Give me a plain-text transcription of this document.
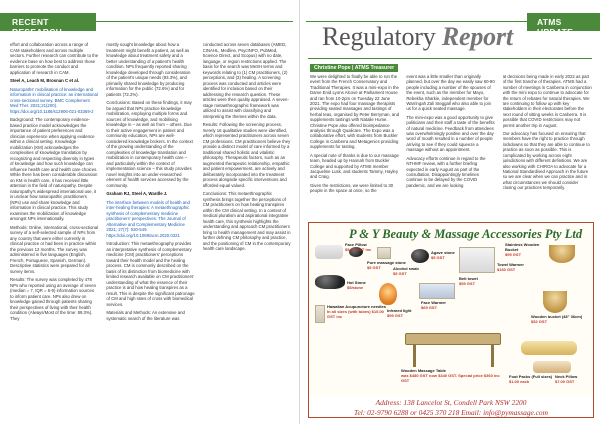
RECENT RESEARCH

effort and collaboration across a range of CAM stakeholders and across multiple sectors. Further research can contribute to the evidence base on how best to address those barriers to promote the conduct and application of research in CAM.

Steel A, Leach M, Brosnan C et al.

Naturopaths' mobilisation of knowledge and information in clinical practice: an international cross-sectional survey. BMC Complement Med Ther. 2021;21(200). https://doi.org/10.1186/s12906-021-03369-2

Background: The contemporary evidence-based practice model acknowledges the importance of patient preferences and clinician experience when applying evidence within a clinical setting. Knowledge mobilization (KM) acknowledges the complexities of knowledge translation by recognizing and respecting diversity in types of knowledge and how such knowledge can influence health care and health care choices. While there has been considerable discussion on KM in health care, it has received little attention in the field of naturopathy. Despite naturopathy's widespread international use, it is unclear how naturopathic practitioners (NPs) use and share knowledge and information in clinical practice. This study examines the mobilization of knowledge amongst NPs internationally.

Methods: Online, international, cross-sectional survey of a self-selected sample of NPs from any country that were either currently in clinical practice or had been in practice within the previous 12 months. The survey was administered in five languages (English, French, Portuguese, Spanish, German). Descriptive statistics were prepared for all survey items.

Results: The survey was completed by 478 NPs who reported using an average of seven (median = 7, IQR = 5-9) information sources to inform patient care. NPs also drew on knowledge gained through patients sharing their perspectives of living with their health condition (Always/Most of the time: 89.3%). They

mostly sought knowledge about how a treatment might benefit a patient, as well as knowledge about treatment safety and a better understanding of a patient's health condition. NPs frequently reported sharing knowledge developed through consideration of the patient's unique needs (93.3%), and primarily shared knowledge by producing information for the public (72.6%) and for patients (72.2%).

Conclusions: Based on these findings, it may be argued that NPs practice knowledge mobilization, employing multiple forms and sources of knowledge, and mobilising knowledge in – as well as from – others. Due to their active engagement in patient and community education, NPs are well-considered knowledge brokers. In the context of the growing understanding of the complexities of knowledge translation and mobilization in contemporary health care – and particularly within the context of implementation science – this study provides novel insights into an under-researched element of health services accessed by the community.

Graham RJ, Steel A, Wardle J.

The interface between models of health and inter-healing therapies: A metaethnographic synthesis of complementary medicine practitioners' perspectives. The Journal of Alternative and Complementary Medicine 2021; 27(7): 530-549. https://doi.org/10.1089/acm.2020.0321

Introduction: This metaethnography provides an interpretative synthesis of complementary medicine (CM) practitioners' perceptions toward their health model and the healing process. CM is commonly described on the basis of its distinction from biomedicine with limited research available on CM practitioners' understanding of what the essence of their practice is and how healing transpires as a result. This is despite the significant patronage of CM and high rates of cross with biomedical services.

Materials and Methods: An extensive and systematic search of the literature was

conducted across seven databases (AMED, CINAHL, Medline, PsycINFO, PubMed, Science Direct, and Scopus) with no date, language, or region restrictions applied. The basis for the search was MeSH terms and keywords relating to (1) CM practitioners, (2) perceptions, and (3) healing. A screening process was conducted and articles were identified for inclusion based on their addressing the research question. These articles were then quality appraised. A seven-stage metaethnographic framework was utilized to assist with classifying and interpreting the themes within the data.

Results: Following the screening process, merely 16 qualitative studies were identified, which represented practitioners across seven CM professions. CM practitioners believe they provide a distinct model of care informed by a traditional shared holistic and vitalistic philosophy. Therapeutic factors, such as an augmented therapeutic relationship, empathic and patient empowerment, are actively and deliberately incorporated into the treatment process alongside specific interventions and afforded equal valued.

Conclusions: This metaethnographic synthesis brings together the perceptions of CM practitioners on how healing transpires within the CM clinical setting. In a context of medical pluralism and aspirational integrative health care, this synthesis highlights the understanding and approach CM practitioners bring to health management and may assist in further defining CM philosophy and practice, and the positioning of CM in the contemporary health care landscape.

ATMS UPDATE
Regulatory Report
Christine Pope | ATMS Treasurer

We were delighted to finally be able to run the event from the French Conservatory and Traditional Therapies. It was a mini-expo in the Dame Enid Lyons Alcove at Parliament House and ran from 10-2pm on Tuesday 22 June 2021. The expo had four massage therapists providing seated massages and tastings of herbal teas, organised by Peter Berryman, and supplements tastings with Natalie Hume. Christine Pope also offered bioimpedance analysis through Qualicare. The Expo was a collaborative effort, with students from Buckler College in Canberra and Metagenics providing supplements for tasting.

A special note of thanks is due to our massage team, headed up by Hannah from Buckler College and supported by ATMS member Jacqueline Lusk, and students Tammy, Hayley and Craig.

Given the restrictions, we were limited to 30 people in the space at once, so the

event was a little smaller than originally planned, but over the day we easily saw 60-90 people including a number of the spouses of the event, such as the member for Mayo, Rebekha Sharkie, independent member for Warringah Zali Steggall who also able to join us for a quick seated massage.

The mini-expo was a good opportunity to give politicians and their staff a taste of the benefits of natural medicine. Feedback from attendees was overwhelmingly positive and over the day word of mouth resulted in a number of people arriving to see if they could squeeze a massage without an appointment.

Advocacy efforts continue in regard to the NTHMF review, with a further briefing expected in early August as part of the consultation. Disappointingly timelines continue to be delayed by the COVID pandemic, and we are looking

at decisions being made in early 2022 as part of the first tranche of therapies. ATMS had a number of meetings in Canberra in conjunction with the mini expo to continue to advocate for the return of rebates for natural therapies. We are continuing to follow up with key stakeholders in their electorates before the next round of sitting weeks in Canberra. It is possible that COVID restrictions may not permit another trip in August.

Our advocacy has focused on ensuring that members have the right to practice through lockdowns so that they are able to continue to practice as soon as possible. This is complicated by working across eight jurisdictions with different definitions. We are also working with CHIROA to advocate for a National Standardised Approach in the future so we are clear when we can practice and in what circumstances we should consider closing our practices temporarily.

P & Y Beauty & Massage Accessories Pty Ltd
Face Pillow
$5.00 GST inc
Pure massage stone
$5 GST	Alcohol swab
$5 GST
Agave stone
$5 GST
Stainless Wooden Bucket
$99 GST
Hot Stone
$5/stone
Hawaiian Acupuncture needles
In all sizes (with tubes) $15.00 GST inc
Infrared light
$99 GST
Towel Warmer
$160 GST
Belt towel
$59 GST
Face Warmer
$69 GST
Wooden bucket (48" 36cm)
$52 GST
Wooden Massage Table
was $480 GST now $340 GST. Special price $360 inc GST
Foot Packs (Full sizes)
$1.00 each
Neck Pillow
$7.00 GST
Address: 138 Lancelot St, Condell Park NSW 2200
Tel: 02-9790 6288 or 0425 370 218 Email: info@pymassage.com
